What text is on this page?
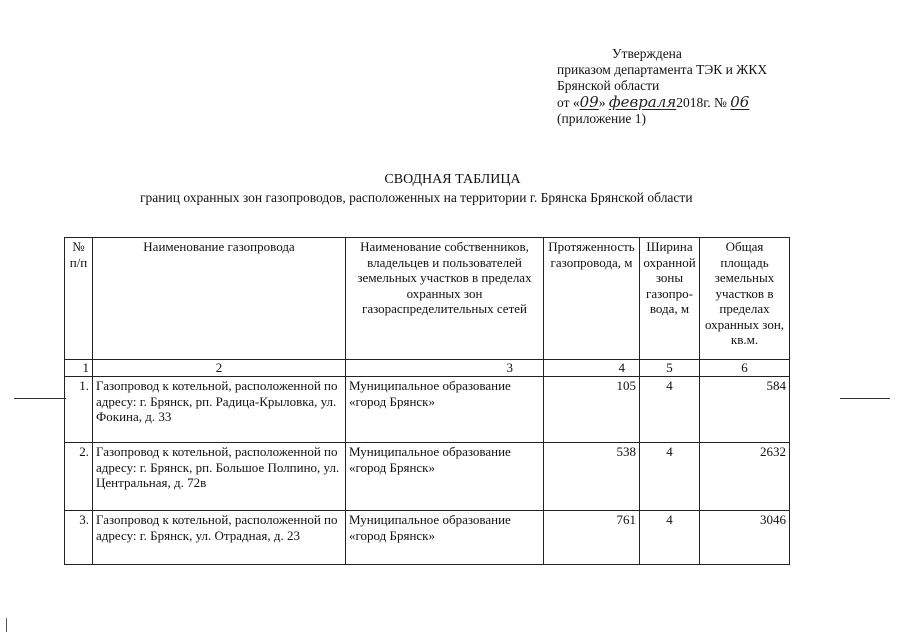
Утверждена
приказом департамента ТЭК и ЖКХ
Брянской области
от «09» февраля2018г. № 06
(приложение 1)
СВОДНАЯ ТАБЛИЦА
границ охранных зон газопроводов, расположенных на территории г. Брянска Брянской области
№ п/п	Наименование газопровода	Наименование собственников, владельцев и пользователей земельных участков в пределах охранных зон газораспределительных сетей	Протяженность газопровода, м	Ширина охранной зоны газопро-вода, м	Общая площадь земельных участков в пределах охранных зон, кв.м.
1	2	3	4	5	6
1.	Газопровод к котельной, расположенной по адресу: г. Брянск, рп. Радица-Крыловка, ул. Фокина, д. 33	Муниципальное образование «город Брянск»	105	4	584
2.	Газопровод к котельной, расположенной по адресу: г. Брянск, рп. Большое Полпино, ул. Центральная, д. 72в	Муниципальное образование «город Брянск»	538	4	2632
3.	Газопровод к котельной, расположенной по адресу: г. Брянск, ул. Отрадная, д. 23	Муниципальное образование «город Брянск»	761	4	3046
